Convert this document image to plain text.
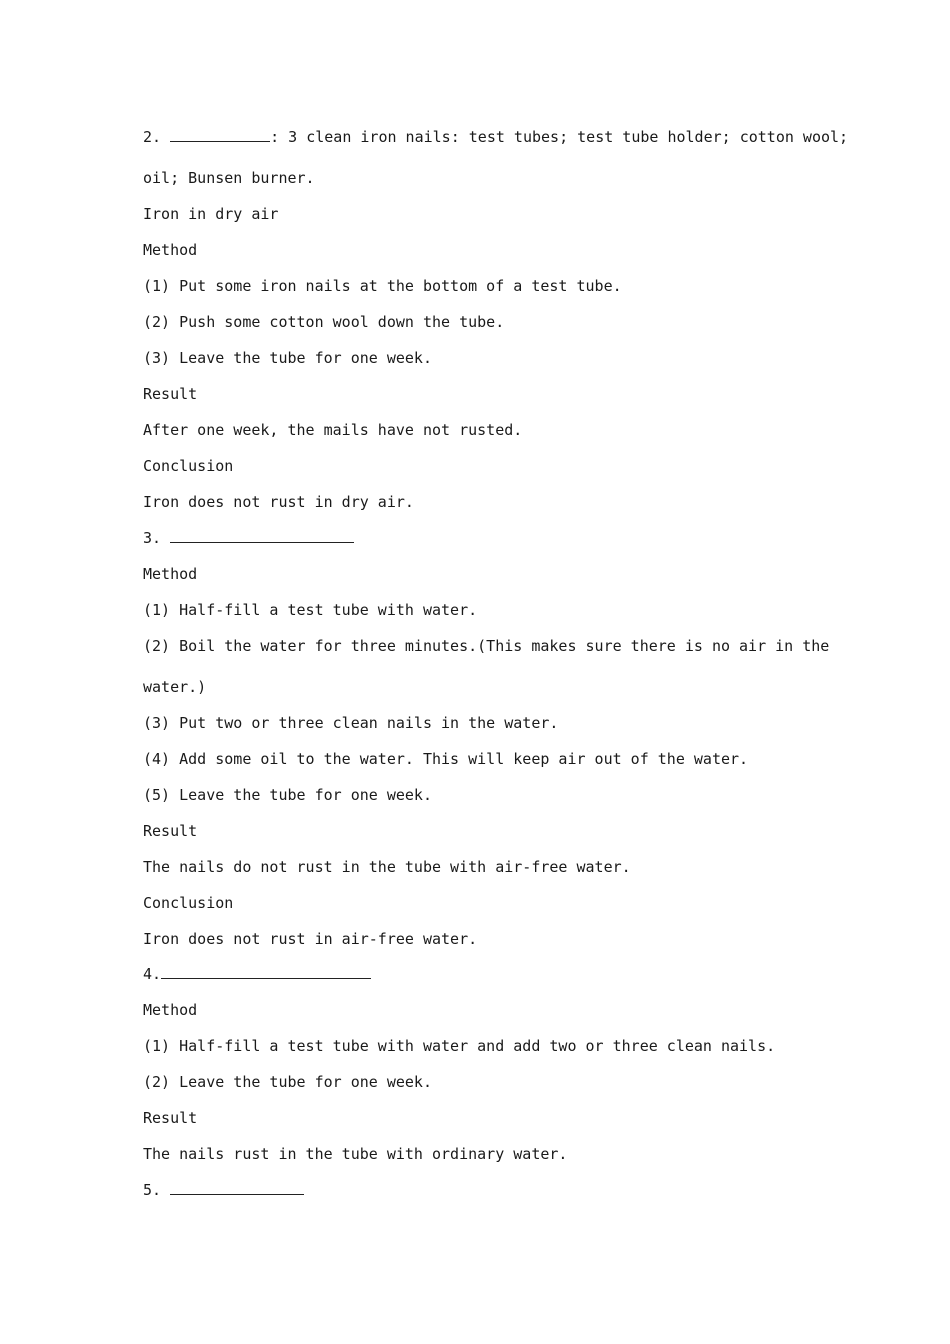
2.	: 3 clean iron nails: test tubes; test tube holder; cotton wool;
oil; Bunsen burner.
Iron in dry air
Method
(1) Put some iron nails at the bottom of a test tube.
(2) Push some cotton wool down the tube.
(3) Leave the tube for one week.
Result
After one week, the mails have not rusted.
Conclusion
Iron does not rust in dry air.
3.
Method
(1) Half-fill a test tube with water.
(2) Boil the water for three minutes.(This makes sure there is no air in the
water.)
(3) Put two or three clean nails in the water.
(4) Add some oil to the water. This will keep air out of the water.
(5) Leave the tube for one week.
Result
The nails do not rust in the tube with air-free water.
Conclusion
Iron does not rust in air-free water.
4.
Method
(1) Half-fill a test tube with water and add two or three clean nails.
(2) Leave the tube for one week.
Result
The nails rust in the tube with ordinary water.
5.
